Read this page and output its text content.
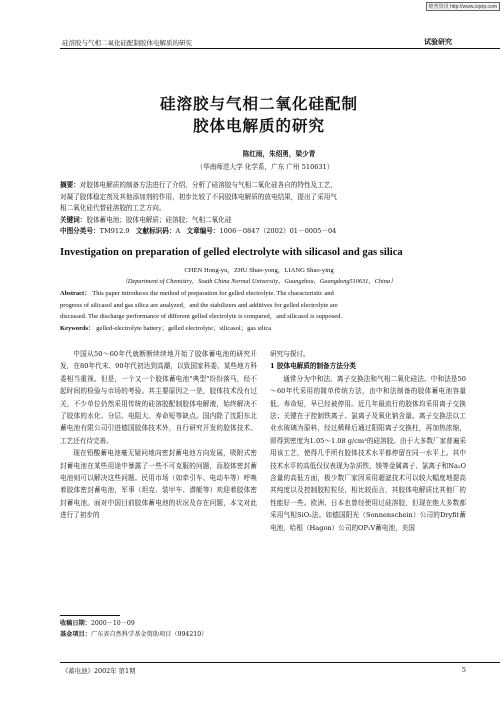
维普资讯 http://www.cqvip.com
硅溶胶与气相二氧化硅配制胶体电解质的研究	试验研究
硅溶胶与气相二氧化硅配制
胶体电解质的研究
陈红雨，朱绍勇，梁少青
（华南师范大学 化学系，广东 广州 510631）
摘要：对胶体电解质的制备方法进行了介绍，分析了硅溶胶与气相二氧化硅各自的特性及工艺，
对凝了胶体稳定剂及其他添加剂的作用，初步比较了不同胶体电解质的放电结果，提出了采用气
相二氧化硅代替硅溶胶的工艺方向。
关键词：胶体蓄电池；胶体电解质；硅溶胶；气相二氧化硅
中图分类号：TM912.9 文献标识码：A 文章编号：1006－0847（2002）01－0005－04
Investigation on preparation of gelled electrolyte with silicasol and gas silica
CHEN Hong-yu，ZHU Shao-yong，LIANG Shao-ying
（Department of Chemistry，South China Normal University，Guangzhou，Guangdong510631，China）
Abstract： This paper introduces the method of preparation for gelled electrolyte. The characteristic and
progress of silicasol and gas silica are analyzed，and the stabilizers and additives for gelled electrolyte are
discussed. The discharge performance of different gelled electrolyte is compared，and silicasol is supposed.
Keywords： gelled-electrolyte battery；gelled electrolyte；silicasol；gas silica

中国从50～60年代就断断续续地开始了胶体蓄电池的研究开发，在80年代末、90年代初达到高潮，以致国家科委、某些地方科委相当重视。但是，一个又一个胶体蓄电池"典型"纷纷落马，经不起时间的检验与市场的考验。其主要原因之一是，胶体技术没有过关，不少单位仍然采用传统的硅溶胶配制胶体电解液，始终解决不了胶体的水化、分层、电阻大、寿命短等缺点。国内除了沈阳东北蓄电池有限公司引进德国胶体技术外，自行研究开发的胶体技术、工艺还有待完善。

现在铅酸蓄电池毫无疑问地向密封蓄电池方向发展，吸附式密封蓄电池在某些用途中暴露了一些不可克服的问题，而胶体密封蓄电池则可以解决这些问题。民用市场（如牵引车、电动车等）呼唤着胶体密封蓄电池，军事（坦克、装甲车、潜艇等）欢迎着胶体密封蓄电池。面对中国目前胶体蓄电池的状况及存在问题，本文对此进行了初步的

收稿日期：2000－10－09
基金项目：广东省自然科学基金资助项目（994210）
研究与探讨。
1 胶体电解质的制备方法分类

通常分为中和法、离子交换法和气相二氧化硅法。中和法是50～60年代采用的简单传统方法，由中和法制备的胶体蓄电池容量低、寿命短，早已经被停用。近几年最流行的胶体均采用离子交换法；关键在于控制铁离子、氯离子及氧化钠含量。离子交换法以工业水玻璃为原料，经过稀释后通过阳阳离子交换柱，再加热浓缩，即得到密度为1.05～1.08 g/cm³的硅溶胶。由于大多数厂家普遍采用该工艺，使得几乎所有胶体技术水平都停留在同一水平上。其中技术水平的高低仅仅表现为杂质铁、镁等金属离子、氯离子和Na₂O含量的高低方面，极少数厂家因采用超滤技术可以较大幅度地提高其纯度以及控制胶粒粒径，相比较而言，其胶体电解质比其他厂的性能好一些。欧洲、日本也曾经使用过硅溶胶，但现在绝大多数都采用气相SiO₂法。如德国阳光（Sonnenschein）公司的Dryfit蓄电池，哈根（Hagon）公司的OP₂V蓄电池，美国

《蓄电池》2002年 第1期	5
